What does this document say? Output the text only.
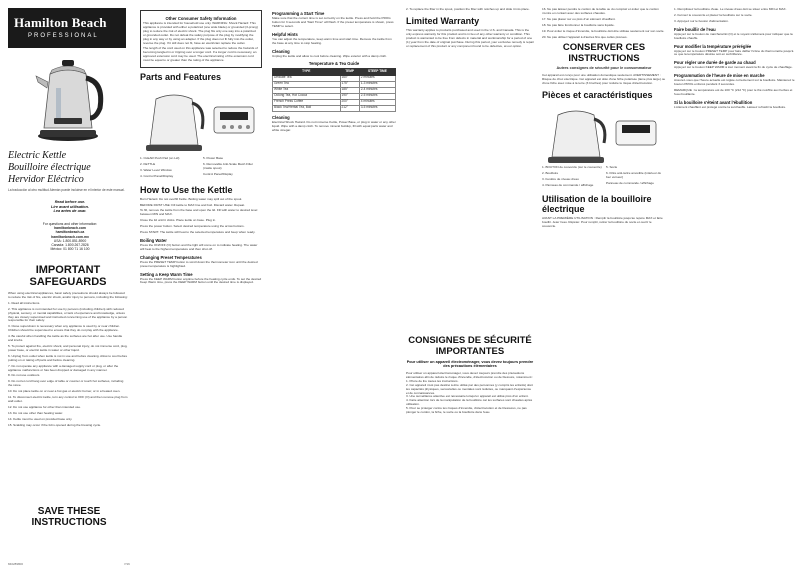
Hamilton Beach
PROFESSIONAL
Electric Kettle
Bouilloire électrique
Hervidor Eléctrico
La traducción al otro multitud Alemán puede incluirse en el interior de este manual.
Read before use.
Lire avant utilisation.
Lea antes de usar.
For questions and other information:
hamiltonbeach.com
hamiltonbeach.ca
hamiltonbeach.com.mx
USA: 1.800.851.8900
Canada: 1.800.267.2826
México: 01 800 71 16 100
IMPORTANT SAFEGUARDS

When using electrical appliances, basic safety precautions should always be followed to reduce the risk of fire, electric shock, and/or injury to persons, including the following:

1. Read all instructions.

2. This appliance is not intended for use by persons (including children) with reduced physical, sensory, or mental capabilities, or lack of experience and knowledge, unless they are closely supervised and instructed concerning use of the appliance by a person responsible for their safety.

3. Close supervision is necessary when any appliance is used by or near children. Children should be supervised to ensure that they do not play with the appliance.

4. Be careful when handling the kettle as the surfaces are hot after use. Use handle and knobs.

5. To protect against fire, electric shock, and personal injury, do not immerse cord, plug, power base, or electric kettle in water or other liquid.

6. Unplug from outlet when kettle is not in use and before cleaning. Allow to cool before putting on or taking off parts and before cleaning.

7. Do not operate any appliance with a damaged supply cord or plug, or after the appliance malfunctions or has been dropped or damaged in any manner.

8. Do not use outdoors.

9. Do not let cord hang over edge of table or counter or touch hot surfaces, including the stove.

10. Do not place kettle on or near a hot gas or electric burner, or in a heated oven.

11. To disconnect electric kettle, turn any control to OFF (O) and then remove plug from wall outlet.

12. Do not use appliance for other than intended use.

13. Do not use other than heating water.

14. Kettle must be used on provided base only.

15. Scalding may occur if the lid is opened during the brewing cycle.

SAVE THESE INSTRUCTIONS
840289800	7/16
Other Consumer Safety Information

This appliance is intended for household use only. WARNING: Shock Hazard: This appliance is provided with either a polarized (one wide blade) or grounded (3-prong) plug to reduce the risk of electric shock. The plug fits only one way into a polarized or grounded outlet. Do not defeat the safety purpose of the plug by modifying the plug in any way or by using an adapter. If the plug does not fit fully into the outlet, reverse the plug. If it still does not fit, have an electrician replace the outlet.

The length of the cord used on this appliance was selected to reduce the hazards of becoming tangled in or tripping over a longer cord. If a longer cord is necessary, an approved extension cord may be used. The electrical rating of the extension cord must be equal to or greater than the rating of the appliance.

Parts and Features

1. CLEAR Push Pad (on Lid)

2. KETTLE

3. Water Level Window

4. Control Panel/Display

5. Power Base

6. Removable Anti-Scale Mesh Filter (inside spout)

Control Panel/Display

How to Use the Kettle

Burn Hazard. Do not overfill Kettle. Boiling water may spill out of the spout.

BEFORE FIRST USE: Fill kettle to MAX line and boil. Discard water. Repeat.

To fill, remove the kettle from the base and open the lid. Fill with water to desired level between MIN and MAX.

Close the lid until it clicks. Place kettle on base. Plug in.

Press the power button. Select desired temperature using the arrow buttons.

Press START. The kettle will heat to the selected temperature and beep when ready.

Boiling Water

Press the ON/OFF (O) button and the light will come on to indicate heating. The water will heat to the highest temperature and then shut off.

Changing Preset Temperatures

Press the PRESET TEMP button to scroll down the thermometer icon until the desired preset temperature is highlighted.

Setting a Keep Warm Time

Press the KEEP WARM button anytime before the heating cycle ends. To set the desired Keep Warm time, press the KEEP WARM button until the desired time is displayed.

Programming a Start Time

Make sure that the current time is set correctly on the kettle. Press and hold the PROG button for 3 seconds and 'Start Timer' will flash. If the preset temperature is shown, press TEMP to select.

Helpful Hints

You can adjust the temperature, keep warm time and start time. Remove the kettle from the base at any time to stop heating.

Cleaning

Unplug the kettle and allow to cool before cleaning. Wipe exterior with a damp cloth.

Temperature & Tea Guide
TYPE	TEMP	STEEP TIME
Delicate Tea	160°	2 minutes
Green Tea	175°	1-3 minutes
White Tea	185°	2-4 minutes
Oolong Tea, Hot Cocoa	190°	2-5 minutes
French Press Coffee	200°	4 minutes
Black Tea/Herbal Tea, Boil	212°	3-5 minutes
Cleaning

Electrical Shock Hazard. Do not immerse Kettle, Power Base, or plug in water or any other liquid. Wipe with a damp cloth. To remove mineral buildup, fill with equal parts water and white vinegar.

2. To replace the filter in the spout, position the filter with notches up and slide it into place.

Limited Warranty

This warranty applies to products purchased and used in the U.S. and Canada. This is the only express warranty for this product and is in lieu of any other warranty or condition. This product is warranted to be free from defects in material and workmanship for a period of one (1) year from the date of original purchase. During this period, your exclusive remedy is repair or replacement of this product or any component found to be defective, at our option.

CONSIGNES DE SÉCURITÉ IMPORTANTES
Pour utiliser un appareil électroménager, vous devez toujours prendre des précautions élémentaires

Pour utiliser un appareil électroménager, vous devez toujours prendre des précautions élémentaires afin de réduire le risque d'incendie, d'électrocution ou de blessure, notamment :

1. Prière de lire toutes les instructions.

2. Cet appareil n'est pas destiné à être utilisé par des personnes (y compris les enfants) dont les capacités physiques, sensorielles ou mentales sont réduites, ou manquant d'expérience et de connaissances.

3. Une surveillance attentive est nécessaire lorsqu'un appareil est utilisé près d'un enfant.

4. Faire attention lors de la manipulation de la bouilloire car les surfaces sont chaudes après utilisation.

5. Pour se protéger contre les risques d'incendie, d'électrocution et de blessures, ne pas plonger le cordon, la fiche, le socle ou la bouilloire dans l'eau.

16. Ne pas laisser pendre le cordon de la table ou du comptoir et éviter que le cordon n'entre en contact avec des surfaces chaudes.

17. Ne pas placer sur ou près d'un élément chauffant.

18. Ne pas faire fonctionner la bouilloire sans liquide.

19. Pour éviter le risque d'incendie, la bouilloire doit être utilisée seulement sur son socle.

20. Ne pas utiliser l'appareil à d'autres fins que celles prévues.

CONSERVER CES INSTRUCTIONS
Autres consignes de sécurité pour le consommateur

Cet appareil est conçu pour une utilisation domestique seulement. AVERTISSEMENT : Risque de choc électrique. Cet appareil est doté d'une fiche polarisée (lame plus large) ou d'une fiche avec mise à la terre (3 broches) pour réduire le risque d'électrocution.

Pièces et caractéristiques

1. BOUTON de couvercle (sur le couvercle)

2. Bouilloire

3. Fenêtre de niveau d'eau

4. Panneau de commande / affichage

5. Socle

6. Filtre anti-tartre amovible (intérieur du bec verseur)

Panneau de commande / affichage

Utilisation de la bouilloire électrique

AVANT LA PREMIÈRE UTILISATION : Remplir la bouilloire jusqu'au repère MAX et faire bouillir. Jeter l'eau. Répéter. Pour remplir, retirer la bouilloire du socle et ouvrir le couvercle.

1. Remplissez la bouilloire d'eau. Le niveau d'eau doit se situer entre MIN et MAX.

2. Fermez le couvercle et placez la bouilloire sur le socle.

3. Appuyez sur le bouton d'alimentation.

Faire bouillir de l'eau

Appuyez sur le bouton de marche/arrêt (O) et le voyant s'allumera pour indiquer que la bouilloire chauffe.

Pour modifier la température préréglée

Appuyez sur le bouton PRESET TEMP pour faire défiler l'icône du thermomètre jusqu'à ce que la température désirée soit en surbrillance.

Pour régler une durée de garde au chaud

Appuyez sur le bouton KEEP WARM à tout moment avant la fin du cycle de chauffage.

Programmation de l'heure de mise en marche

Assurez-vous que l'heure actuelle est réglée correctement sur la bouilloire. Maintenez le bouton PROG enfoncé pendant 3 secondes.

REMARQUE : la température est de 100 °C (212 °F) pour le thé noir/thé aux herbes et l'eau bouillante.

Si la bouilloire s'éteint avant l'ébullition

L'élément chauffant est protégé contre la surchauffe. Laissez refroidir la bouilloire.
